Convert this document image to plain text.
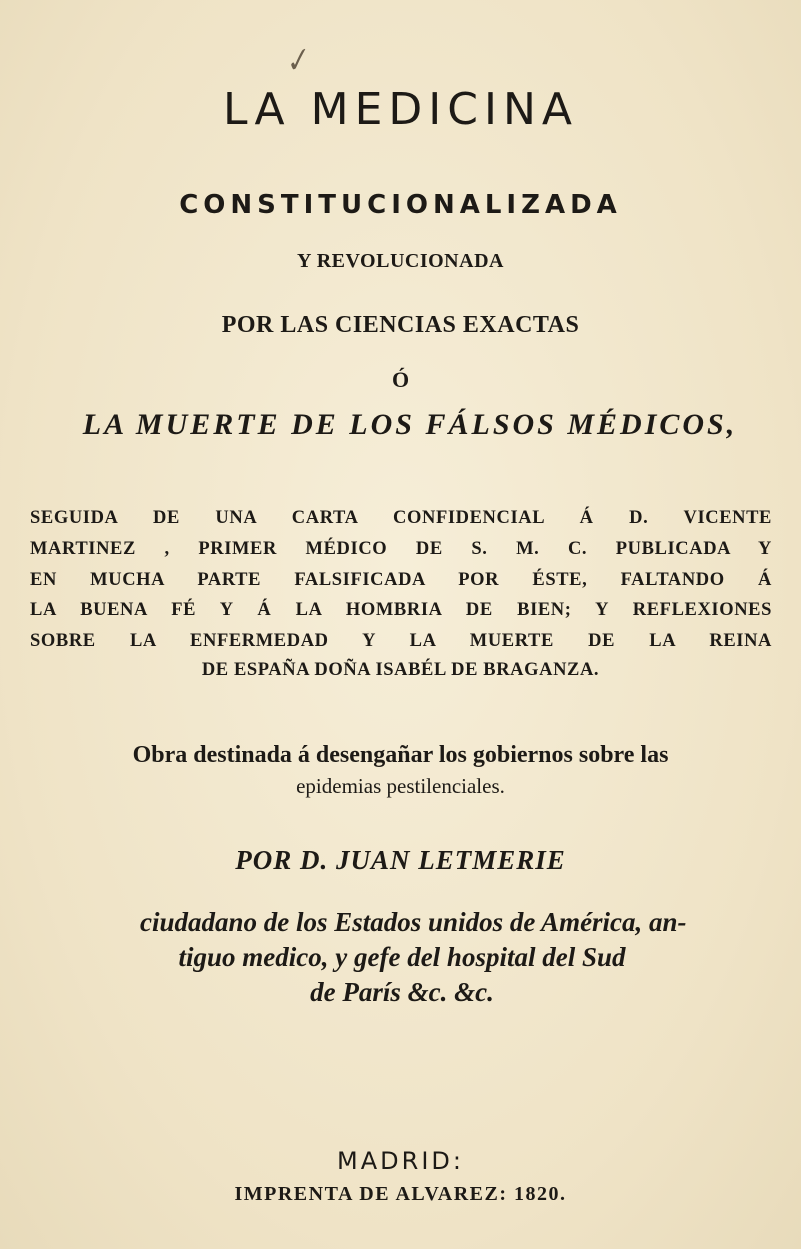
✓
LA MEDICINA
CONSTITUCIONALIZADA
Y REVOLUCIONADA
POR LAS CIENCIAS EXACTAS
Ó
LA MUERTE DE LOS FÁLSOS MÉDICOS,
SEGUIDA DE UNA CARTA CONFIDENCIAL Á D. VICENTE
MARTINEZ , PRIMER MÉDICO DE S. M. C. PUBLICADA Y
EN MUCHA PARTE FALSIFICADA POR ÉSTE, FALTANDO Á
LA BUENA FÉ Y Á LA HOMBRIA DE BIEN; Y REFLEXIONES
SOBRE LA ENFERMEDAD Y LA MUERTE DE LA REINA
DE ESPAÑA DOÑA ISABÉL DE BRAGANZA.
Obra destinada á desengañar los gobiernos sobre las
epidemias pestilenciales.
POR D. JUAN LETMERIE
ciudadano de los Estados unidos de América, an-
tiguo medico, y gefe del hospital del Sud
de París &c. &c.
MADRID:
IMPRENTA DE ALVAREZ: 1820.
